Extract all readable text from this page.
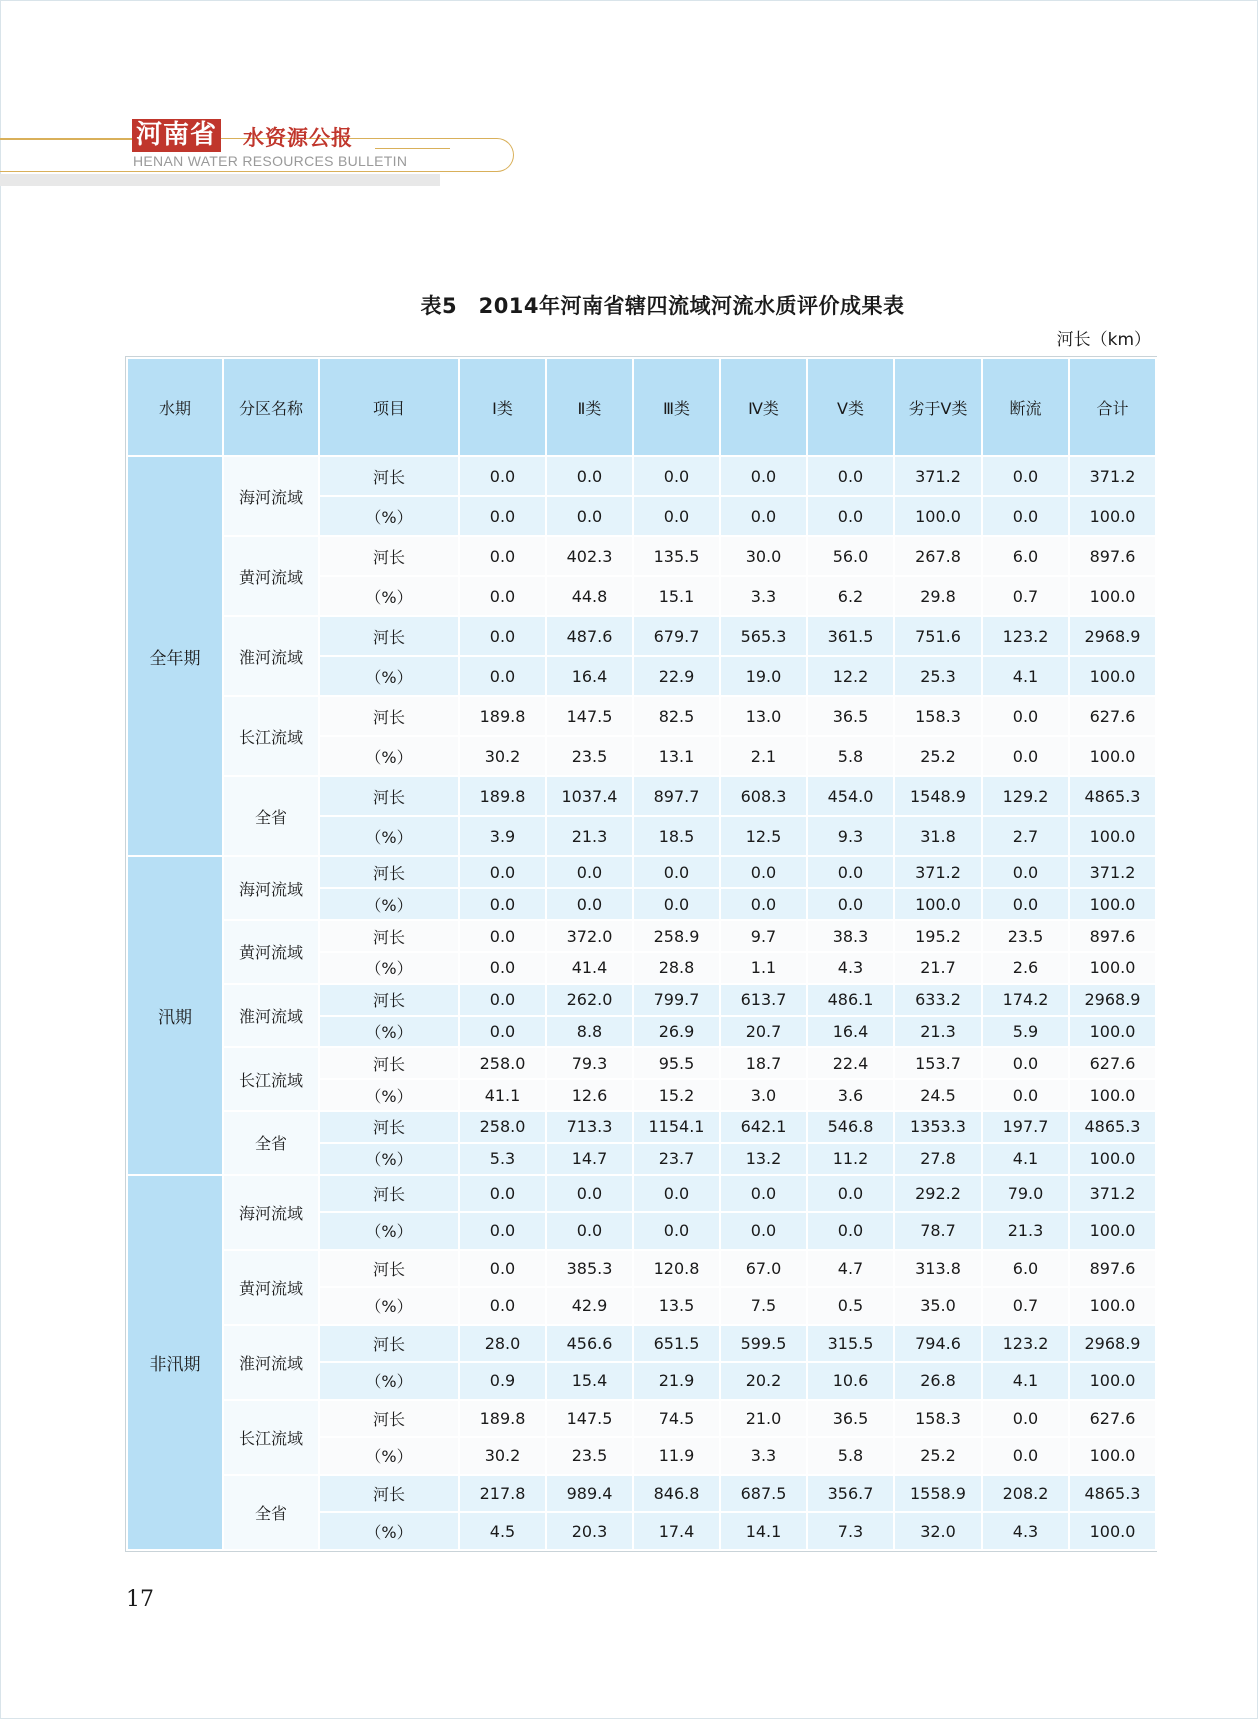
河南省 水资源公报
HENAN WATER RESOURCES BULLETIN
表5　2014年河南省辖四流域河流水质评价成果表
河长（km）
水期	分区名称	项目	Ⅰ类	Ⅱ类	Ⅲ类	Ⅳ类	Ⅴ类	劣于Ⅴ类	断流	合计
全年期	海河流域	河长	0.0	0.0	0.0	0.0	0.0	371.2	0.0	371.2
		（%）	0.0	0.0	0.0	0.0	0.0	100.0	0.0	100.0
	黄河流域	河长	0.0	402.3	135.5	30.0	56.0	267.8	6.0	897.6
		（%）	0.0	44.8	15.1	3.3	6.2	29.8	0.7	100.0
	淮河流域	河长	0.0	487.6	679.7	565.3	361.5	751.6	123.2	2968.9
		（%）	0.0	16.4	22.9	19.0	12.2	25.3	4.1	100.0
	长江流域	河长	189.8	147.5	82.5	13.0	36.5	158.3	0.0	627.6
		（%）	30.2	23.5	13.1	2.1	5.8	25.2	0.0	100.0
	全省	河长	189.8	1037.4	897.7	608.3	454.0	1548.9	129.2	4865.3
		（%）	3.9	21.3	18.5	12.5	9.3	31.8	2.7	100.0
汛期	海河流域	河长	0.0	0.0	0.0	0.0	0.0	371.2	0.0	371.2
		（%）	0.0	0.0	0.0	0.0	0.0	100.0	0.0	100.0
	黄河流域	河长	0.0	372.0	258.9	9.7	38.3	195.2	23.5	897.6
		（%）	0.0	41.4	28.8	1.1	4.3	21.7	2.6	100.0
	淮河流域	河长	0.0	262.0	799.7	613.7	486.1	633.2	174.2	2968.9
		（%）	0.0	8.8	26.9	20.7	16.4	21.3	5.9	100.0
	长江流域	河长	258.0	79.3	95.5	18.7	22.4	153.7	0.0	627.6
		（%）	41.1	12.6	15.2	3.0	3.6	24.5	0.0	100.0
	全省	河长	258.0	713.3	1154.1	642.1	546.8	1353.3	197.7	4865.3
		（%）	5.3	14.7	23.7	13.2	11.2	27.8	4.1	100.0
非汛期	海河流域	河长	0.0	0.0	0.0	0.0	0.0	292.2	79.0	371.2
		（%）	0.0	0.0	0.0	0.0	0.0	78.7	21.3	100.0
	黄河流域	河长	0.0	385.3	120.8	67.0	4.7	313.8	6.0	897.6
		（%）	0.0	42.9	13.5	7.5	0.5	35.0	0.7	100.0
	淮河流域	河长	28.0	456.6	651.5	599.5	315.5	794.6	123.2	2968.9
		（%）	0.9	15.4	21.9	20.2	10.6	26.8	4.1	100.0
	长江流域	河长	189.8	147.5	74.5	21.0	36.5	158.3	0.0	627.6
		（%）	30.2	23.5	11.9	3.3	5.8	25.2	0.0	100.0
	全省	河长	217.8	989.4	846.8	687.5	356.7	1558.9	208.2	4865.3
		（%）	4.5	20.3	17.4	14.1	7.3	32.0	4.3	100.0
17
